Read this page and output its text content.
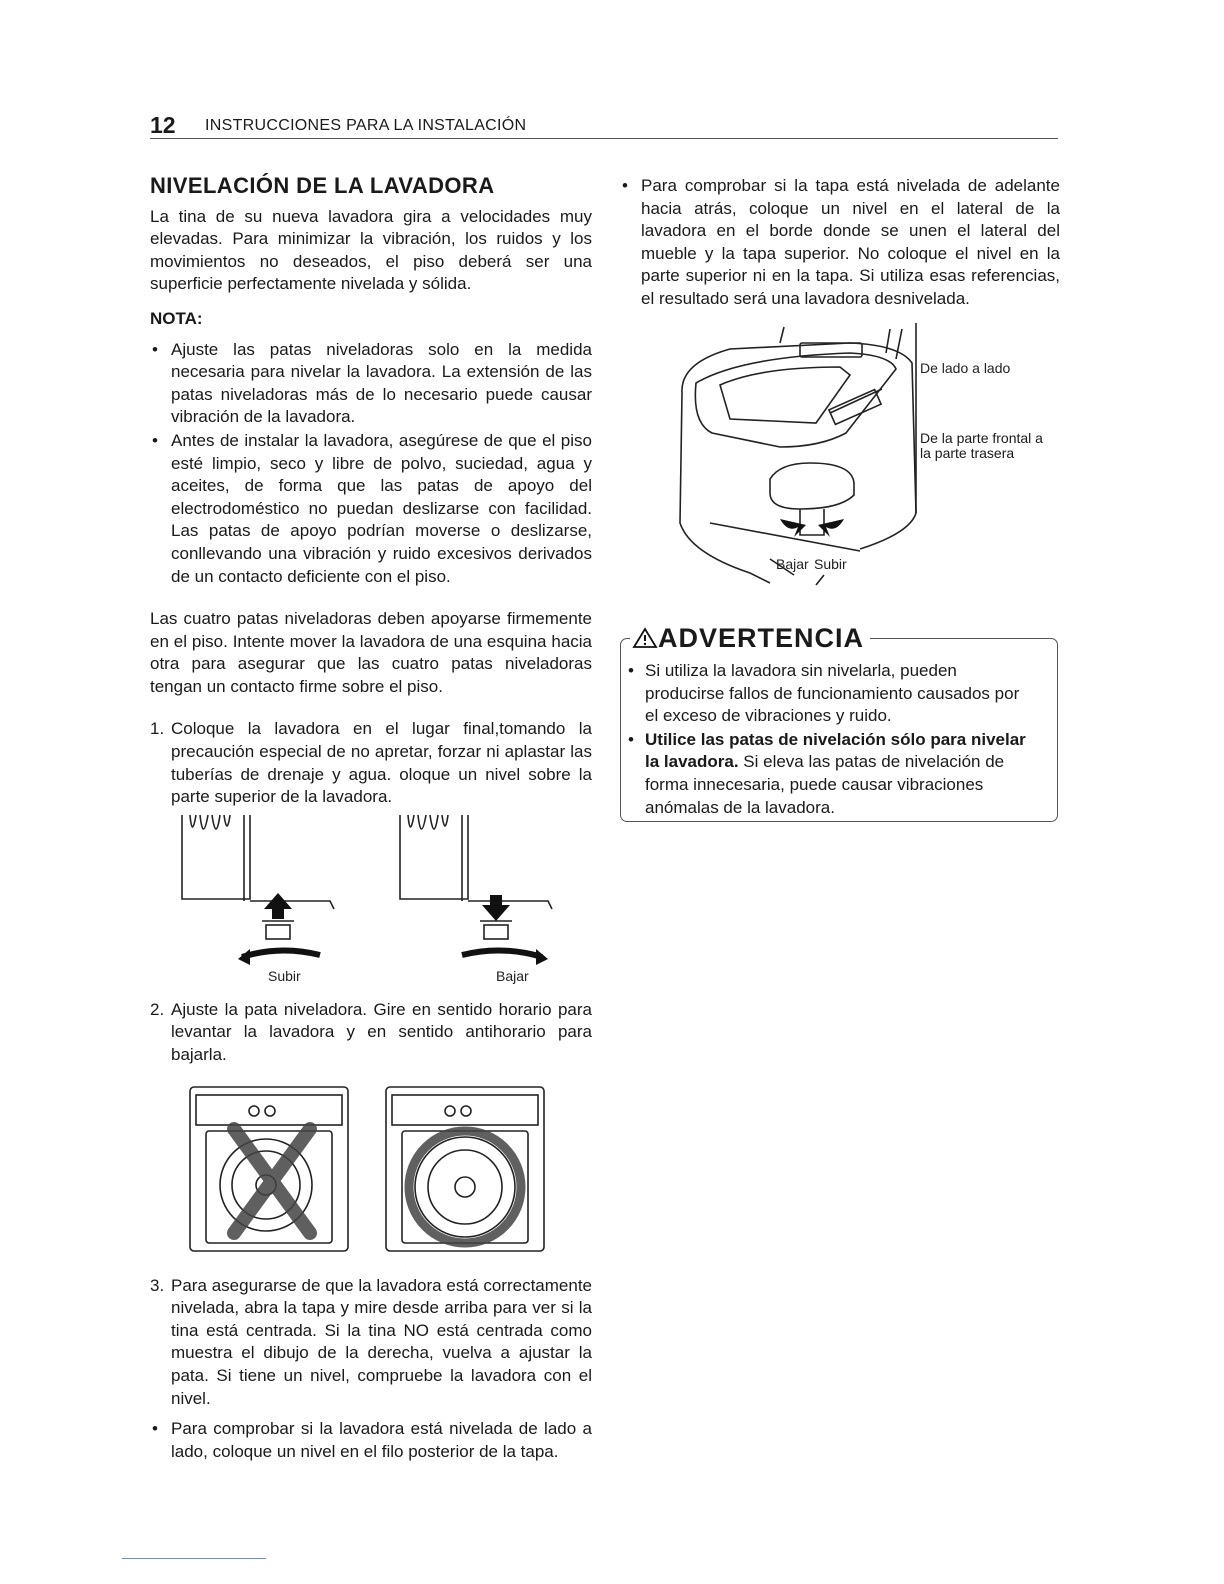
12 INSTRUCCIONES PARA LA INSTALACIÓN
NIVELACIÓN DE LA LAVADORA

La tina de su nueva lavadora gira a velocidades muy elevadas. Para minimizar la vibración, los ruidos y los movimientos no deseados, el piso deberá ser una superficie perfectamente nivelada y sólida.

NOTA:
• Ajuste las patas niveladoras solo en la medida necesaria para nivelar la lavadora. La extensión de las patas niveladoras más de lo necesario puede causar vibración de la lavadora.
• Antes de instalar la lavadora, asegúrese de que el piso esté limpio, seco y libre de polvo, suciedad, agua y aceites, de forma que las patas de apoyo del electrodoméstico no puedan deslizarse con facilidad. Las patas de apoyo podrían moverse o deslizarse, conllevando una vibración y ruido excesivos derivados de un contacto deficiente con el piso.

Las cuatro patas niveladoras deben apoyarse firmemente en el piso. Intente mover la lavadora de una esquina hacia otra para asegurar que las cuatro patas niveladoras tengan un contacto firme sobre el piso.

1. Coloque la lavadora en el lugar final,tomando la precaución especial de no apretar, forzar ni aplastar las tuberías de drenaje y agua. oloque un nivel sobre la parte superior de la lavadora.
Subir	Bajar
2. Ajuste la pata niveladora. Gire en sentido horario para levantar la lavadora y en sentido antihorario para bajarla.
3. Para asegurarse de que la lavadora está correctamente nivelada, abra la tapa y mire desde arriba para ver si la tina está centrada. Si la tina NO está centrada como muestra el dibujo de la derecha, vuelva a ajustar la pata. Si tiene un nivel, compruebe la lavadora con el nivel.
• Para comprobar si la lavadora está nivelada de lado a lado, coloque un nivel en el filo posterior de la tapa.
• Para comprobar si la tapa está nivelada de adelante hacia atrás, coloque un nivel en el lateral de la lavadora en el borde donde se unen el lateral del mueble y la tapa superior. No coloque el nivel en la parte superior ni en la tapa. Si utiliza esas referencias, el resultado será una lavadora desnivelada.
De lado a lado
De la parte frontal a la parte trasera
Bajar Subir
ADVERTENCIA
• Si utiliza la lavadora sin nivelarla, pueden producirse fallos de funcionamiento causados por el exceso de vibraciones y ruido.
• Utilice las patas de nivelación sólo para nivelar la lavadora. Si eleva las patas de nivelación de forma innecesaria, puede causar vibraciones anómalas de la lavadora.
